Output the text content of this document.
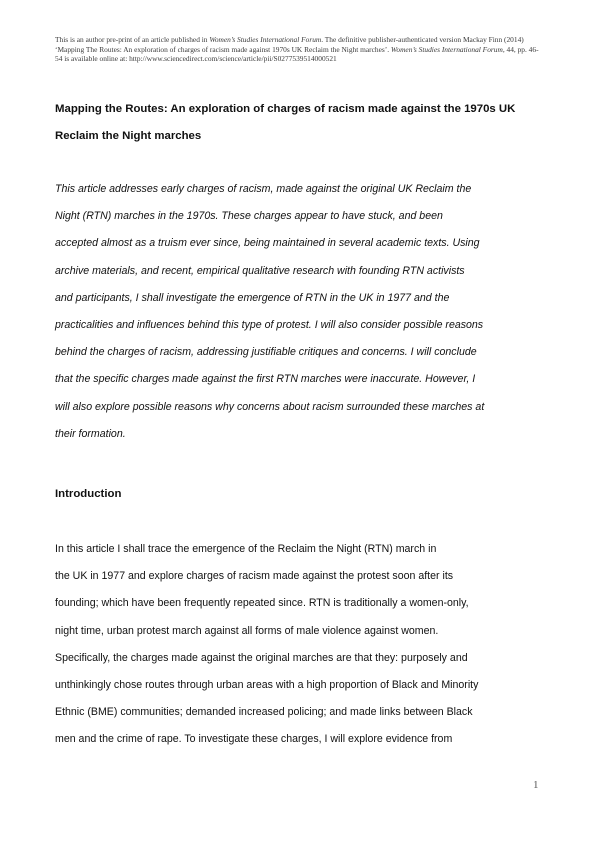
This is an author pre-print of an article published in Women’s Studies International Forum. The definitive publisher-authenticated version Mackay Finn (2014) ‘Mapping The Routes: An exploration of charges of racism made against 1970s UK Reclaim the Night marches’. Women’s Studies International Forum, 44, pp. 46-54 is available online at: http://www.sciencedirect.com/science/article/pii/S0277539514000521
Mapping the Routes: An exploration of charges of racism made against the 1970s UK Reclaim the Night marches

This article addresses early charges of racism, made against the original UK Reclaim the
Night (RTN) marches in the 1970s. These charges appear to have stuck, and been
accepted almost as a truism ever since, being maintained in several academic texts. Using
archive materials, and recent, empirical qualitative research with founding RTN activists
and participants, I shall investigate the emergence of RTN in the UK in 1977 and the
practicalities and influences behind this type of protest. I will also consider possible reasons
behind the charges of racism, addressing justifiable critiques and concerns. I will conclude
that the specific charges made against the first RTN marches were inaccurate. However, I
will also explore possible reasons why concerns about racism surrounded these marches at
their formation.

Introduction

In this article I shall trace the emergence of the Reclaim the Night (RTN) march in
the UK in 1977 and explore charges of racism made against the protest soon after its
founding; which have been frequently repeated since. RTN is traditionally a women-only,
night time, urban protest march against all forms of male violence against women.
Specifically, the charges made against the original marches are that they: purposely and
unthinkingly chose routes through urban areas with a high proportion of Black and Minority
Ethnic (BME) communities; demanded increased policing; and made links between Black
men and the crime of rape. To investigate these charges, I will explore evidence from

1
